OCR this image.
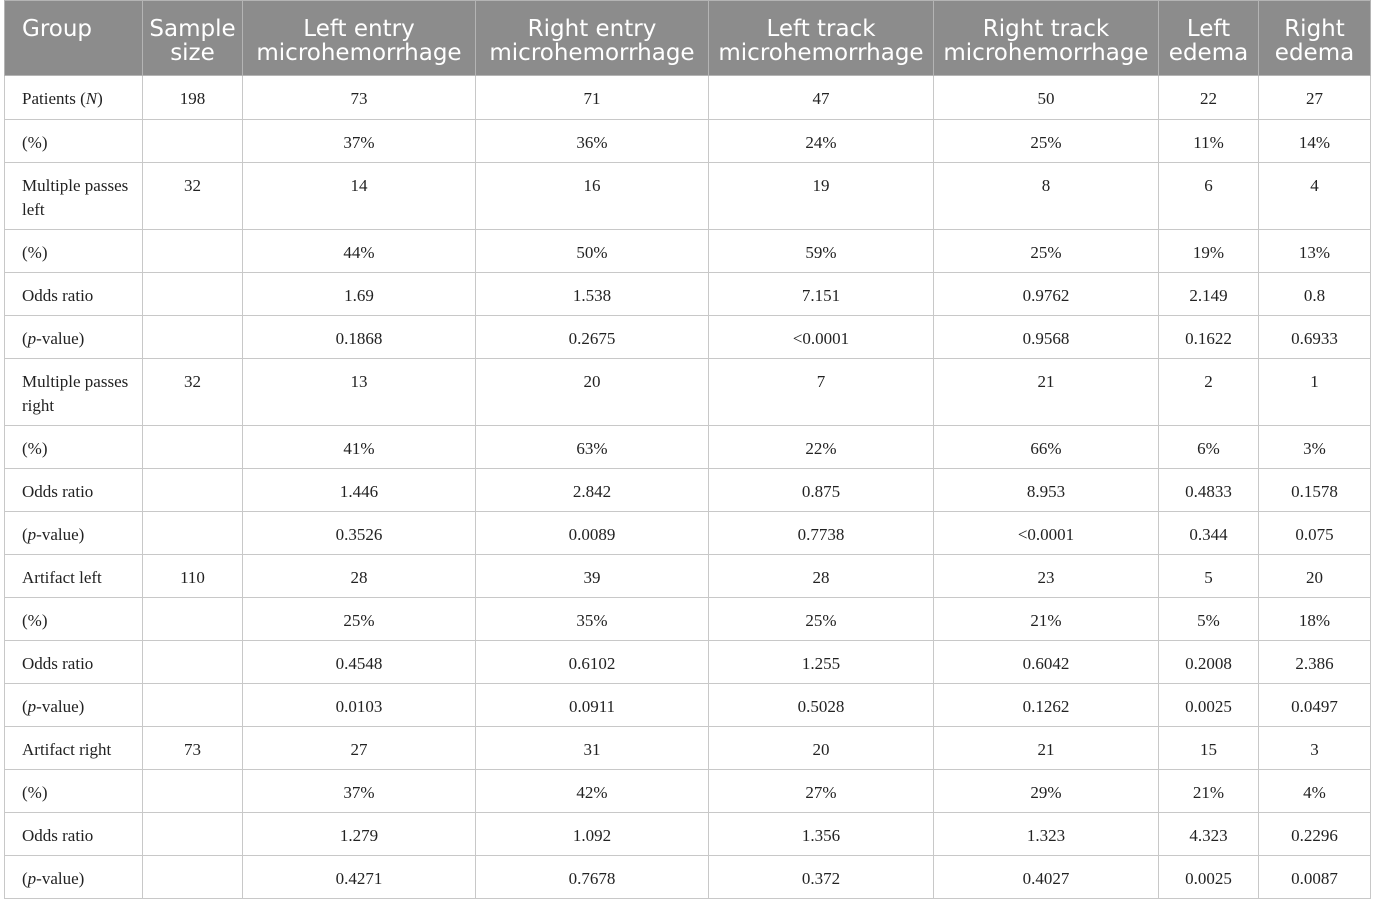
Group	Sample size	Left entry microhemorrhage	Right entry microhemorrhage	Left track microhemorrhage	Right track microhemorrhage	Left edema	Right edema
Patients (N)	198	73	71	47	50	22	27
(%)		37%	36%	24%	25%	11%	14%
Multiple passes left	32	14	16	19	8	6	4
(%)		44%	50%	59%	25%	19%	13%
Odds ratio		1.69	1.538	7.151	0.9762	2.149	0.8
(p-value)		0.1868	0.2675	<0.0001	0.9568	0.1622	0.6933
Multiple passes right	32	13	20	7	21	2	1
(%)		41%	63%	22%	66%	6%	3%
Odds ratio		1.446	2.842	0.875	8.953	0.4833	0.1578
(p-value)		0.3526	0.0089	0.7738	<0.0001	0.344	0.075
Artifact left	110	28	39	28	23	5	20
(%)		25%	35%	25%	21%	5%	18%
Odds ratio		0.4548	0.6102	1.255	0.6042	0.2008	2.386
(p-value)		0.0103	0.0911	0.5028	0.1262	0.0025	0.0497
Artifact right	73	27	31	20	21	15	3
(%)		37%	42%	27%	29%	21%	4%
Odds ratio		1.279	1.092	1.356	1.323	4.323	0.2296
(p-value)		0.4271	0.7678	0.372	0.4027	0.0025	0.0087
